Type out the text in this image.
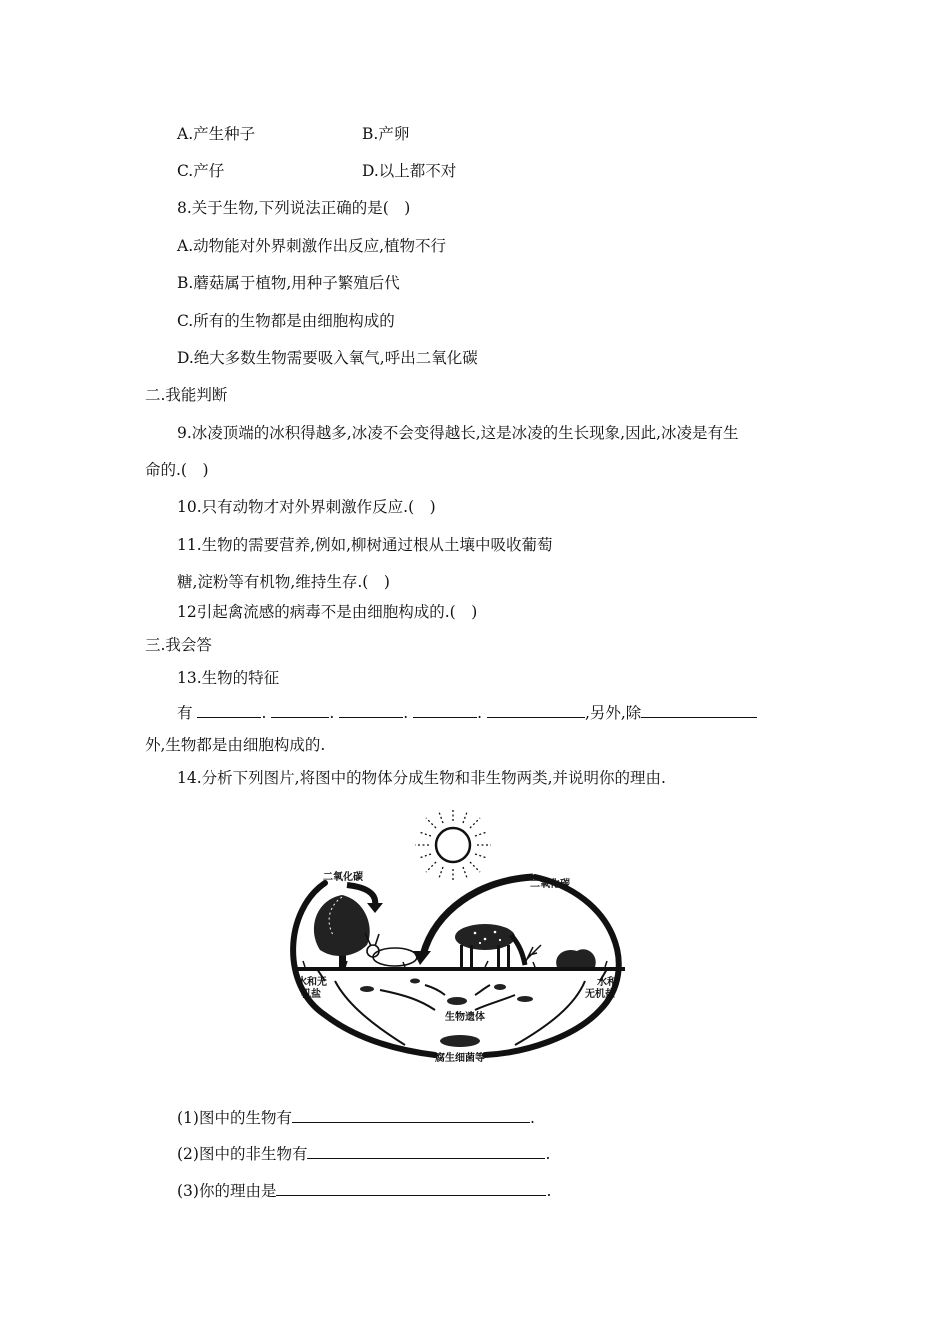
A.产生种子	B.产卵
C.产仔	D.以上都不对
8.关于生物,下列说法正确的是(　)
A.动物能对外界刺激作出反应,植物不行
B.蘑菇属于植物,用种子繁殖后代
C.所有的生物都是由细胞构成的
D.绝大多数生物需要吸入氧气,呼出二氧化碳
二.我能判断
9.冰凌顶端的冰积得越多,冰凌不会变得越长,这是冰凌的生长现象,因此,冰凌是有生
命的.(　)
10.只有动物才对外界刺激作反应.(　)
11.生物的需要营养,例如,柳树通过根从土壤中吸收葡萄
糖,淀粉等有机物,维持生存.(　)
12引起禽流感的病毒不是由细胞构成的.(　)
三.我会答
13.生物的特征
有	.	.	.	.	,另外,除
外,生物都是由细胞构成的.
14.分析下列图片,将图中的物体分成生物和非生物两类,并说明你的理由.
二氧化碳
二氧化碳
水和无
机盐
水和
无机盐
生物遗体
腐生细菌等
(1)图中的生物有	.
(2)图中的非生物有	.
(3)你的理由是	.
